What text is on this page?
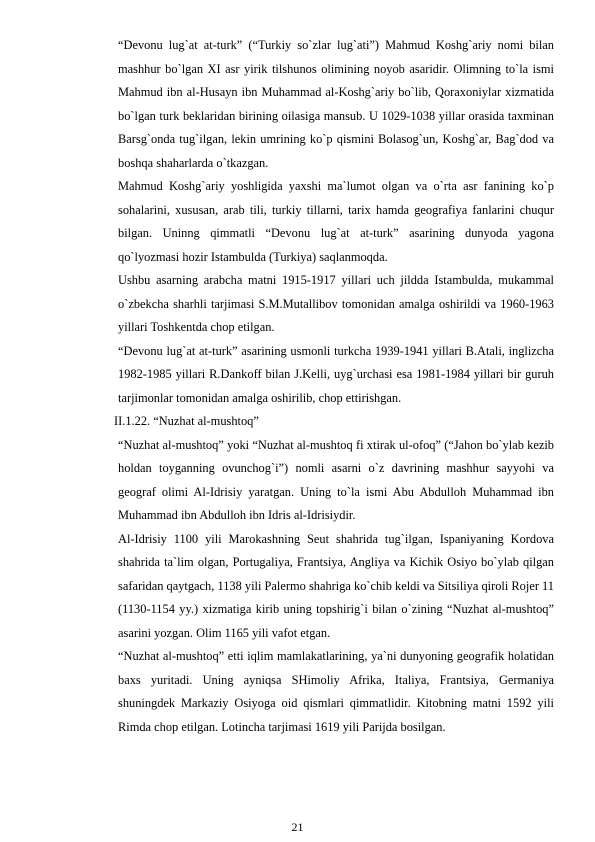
“Devonu lug`at at-turk” (“Turkiy so`zlar lug`ati”) Mahmud Koshg`ariy nomi bilan mashhur bo`lgan XI asr yirik tilshunos olimining noyob asaridir. Olimning to`la ismi Mahmud ibn al-Husayn ibn Muhammad al-Koshg`ariy bo`lib, Qoraxoniylar xizmatida bo`lgan turk beklaridan birining oilasiga mansub. U 1029-1038 yillar orasida taxminan Barsg`onda tug`ilgan, lekin umrining ko`p qismini Bolasog`un, Koshg`ar, Bag`dod va boshqa shaharlarda o`tkazgan.

Mahmud Koshg`ariy yoshligida yaxshi ma`lumot olgan va o`rta asr fanining ko`p sohalarini, xususan, arab tili, turkiy tillarni, tarix hamda geografiya fanlarini chuqur bilgan. Uninng qimmatli “Devonu lug`at at-turk” asarining dunyoda yagona qo`lyozmasi hozir Istambulda (Turkiya) saqlanmoqda.

Ushbu asarning arabcha matni 1915-1917 yillari uch jildda Istambulda, mukammal o`zbekcha sharhli tarjimasi S.M.Mutallibov tomonidan amalga oshirildi va 1960-1963 yillari Toshkentda chop etilgan.

“Devonu lug`at at-turk” asarining usmonli turkcha 1939-1941 yillari B.Atali, inglizcha 1982-1985 yillari R.Dankoff bilan J.Kelli, uyg`urchasi esa 1981-1984 yillari bir guruh tarjimonlar tomonidan amalga oshirilib, chop ettirishgan.

II.1.22. “Nuzhat al-mushtoq”

“Nuzhat al-mushtoq” yoki “Nuzhat al-mushtoq fi xtirak ul-ofoq” (“Jahon bo`ylab kezib holdan toyganning ovunchog`i”) nomli asarni o`z davrining mashhur sayyohi va geograf olimi Al-Idrisiy yaratgan. Uning to`la ismi Abu Abdulloh Muhammad ibn Muhammad ibn Abdulloh ibn Idris al-Idrisiydir.

Al-Idrisiy 1100 yili Marokashning Seut shahrida tug`ilgan, Ispaniyaning Kordova shahrida ta`lim olgan, Portugaliya, Frantsiya, Angliya va Kichik Osiyo bo`ylab qilgan safaridan qaytgach, 1138 yili Palermo shahriga ko`chib keldi va Sitsiliya qiroli Rojer 11 (1130-1154 yy.) xizmatiga kirib uning topshirig`i bilan o`zining “Nuzhat al-mushtoq” asarini yozgan. Olim 1165 yili vafot etgan.

“Nuzhat al-mushtoq” etti iqlim mamlakatlarining, ya`ni dunyoning geografik holatidan baxs yuritadi. Uning ayniqsa SHimoliy Afrika, Italiya, Frantsiya, Germaniya shuningdek Markaziy Osiyoga oid qismlari qimmatlidir. Kitobning matni 1592 yili Rimda chop etilgan. Lotincha tarjimasi 1619 yili Parijda bosilgan.

21
